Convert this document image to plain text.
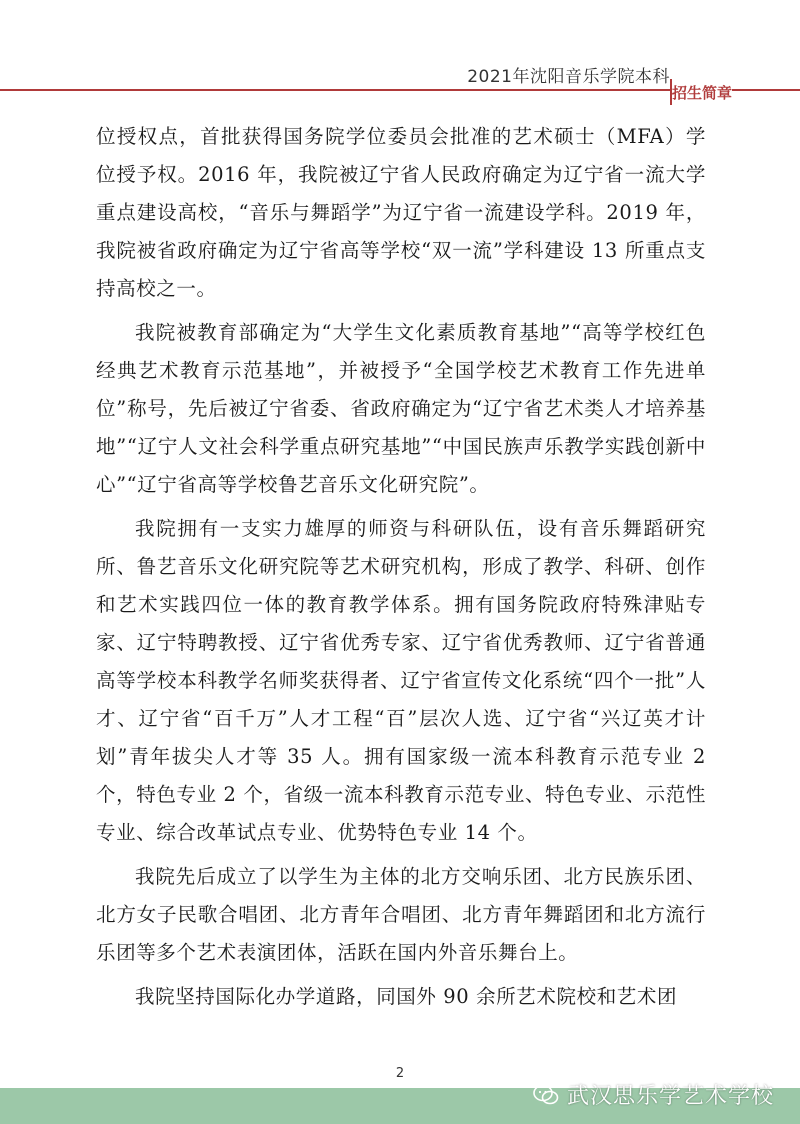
2021年沈阳音乐学院本科
招生简章

位授权点，首批获得国务院学位委员会批准的艺术硕士（MFA）学位授予权。2016 年，我院被辽宁省人民政府确定为辽宁省一流大学重点建设高校，“音乐与舞蹈学”为辽宁省一流建设学科。2019 年，我院被省政府确定为辽宁省高等学校“双一流”学科建设 13 所重点支持高校之一。

我院被教育部确定为“大学生文化素质教育基地”“高等学校红色经典艺术教育示范基地”，并被授予“全国学校艺术教育工作先进单位”称号，先后被辽宁省委、省政府确定为“辽宁省艺术类人才培养基地”“辽宁人文社会科学重点研究基地”“中国民族声乐教学实践创新中心”“辽宁省高等学校鲁艺音乐文化研究院”。

我院拥有一支实力雄厚的师资与科研队伍，设有音乐舞蹈研究所、鲁艺音乐文化研究院等艺术研究机构，形成了教学、科研、创作和艺术实践四位一体的教育教学体系。拥有国务院政府特殊津贴专家、辽宁特聘教授、辽宁省优秀专家、辽宁省优秀教师、辽宁省普通高等学校本科教学名师奖获得者、辽宁省宣传文化系统“四个一批”人才、辽宁省“百千万”人才工程“百”层次人选、辽宁省“兴辽英才计划”青年拔尖人才等 35 人。拥有国家级一流本科教育示范专业 2 个，特色专业 2 个，省级一流本科教育示范专业、特色专业、示范性专业、综合改革试点专业、优势特色专业 14 个。

我院先后成立了以学生为主体的北方交响乐团、北方民族乐团、北方女子民歌合唱团、北方青年合唱团、北方青年舞蹈团和北方流行乐团等多个艺术表演团体，活跃在国内外音乐舞台上。

我院坚持国际化办学道路，同国外 90 余所艺术院校和艺术团

2
武汉思乐学艺术学校
